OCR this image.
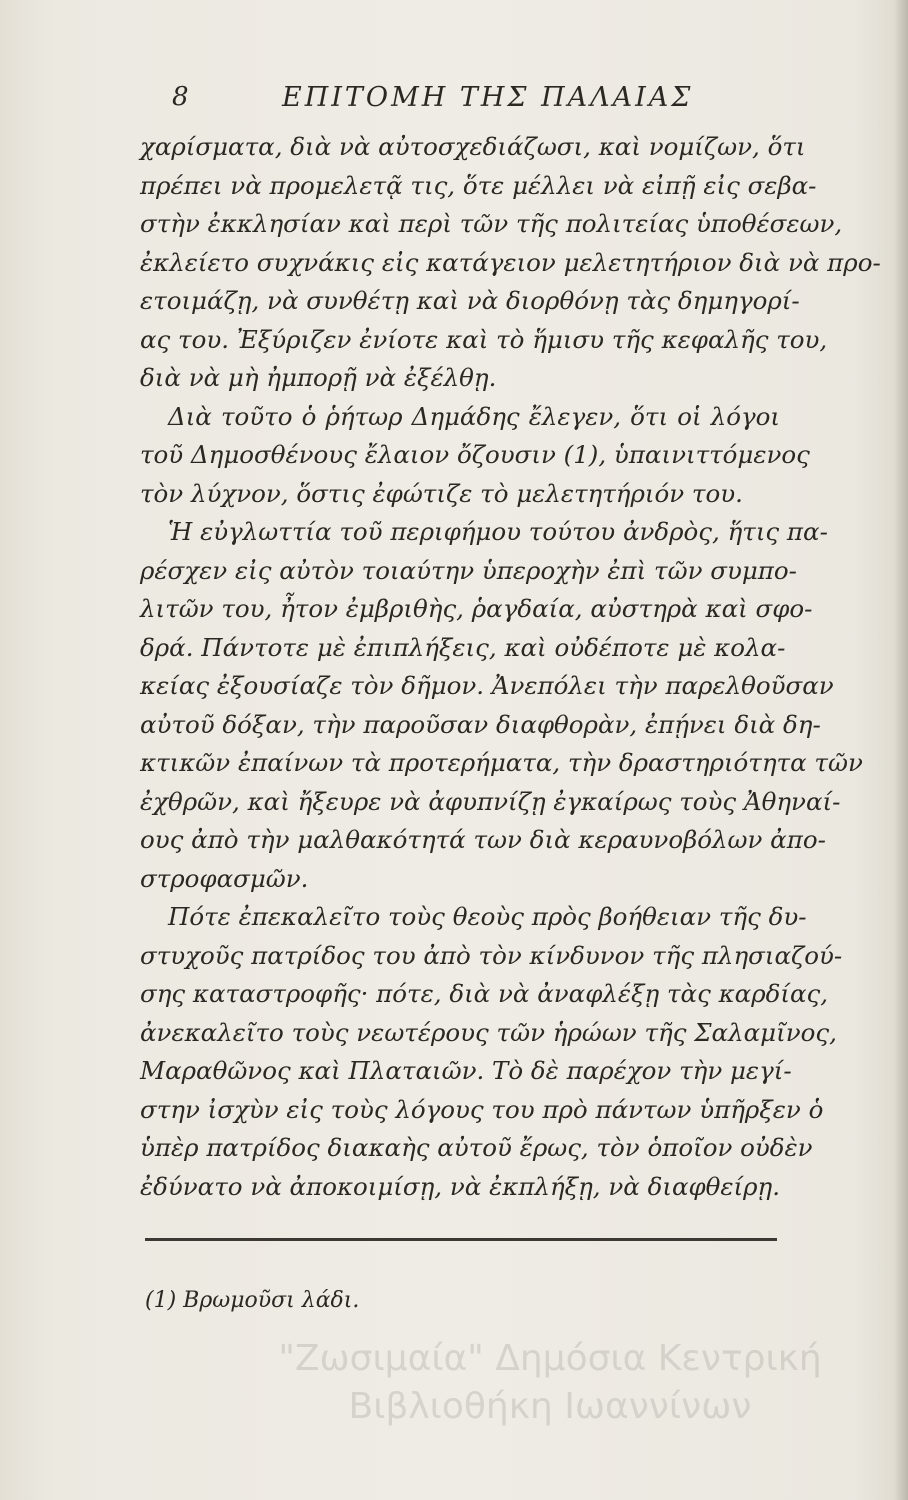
8	ΕΠΙΤΟΜΗ ΤΗΣ ΠΑΛΑΙΑΣ
χαρίσματα, διὰ νὰ αὐτοσχεδιάζωσι, καὶ νομίζων, ὅτι
πρέπει νὰ προμελετᾷ τις, ὅτε μέλλει νὰ εἰπῇ εἰς σεβα-
στὴν ἐκκλησίαν καὶ περὶ τῶν τῆς πολιτείας ὑποθέσεων,
ἐκλείετο συχνάκις εἰς κατάγειον μελετητήριον διὰ νὰ προ-
ετοιμάζῃ, νὰ συνθέτῃ καὶ νὰ διορθόνῃ τὰς δημηγορί-
ας του. Ἐξύριζεν ἐνίοτε καὶ τὸ ἥμισυ τῆς κεφαλῆς του,
διὰ νὰ μὴ ἠμπορῇ νὰ ἐξέλθῃ.
Διὰ τοῦτο ὁ ῥήτωρ Δημάδης ἔλεγεν, ὅτι οἱ λόγοι
τοῦ Δημοσθένους ἔλαιον ὄζουσιν (1), ὑπαινιττόμενος
τὸν λύχνον, ὅστις ἐφώτιζε τὸ μελετητήριόν του.
Ἡ εὐγλωττία τοῦ περιφήμου τούτου ἀνδρὸς, ἥτις πα-
ρέσχεν εἰς αὐτὸν τοιαύτην ὑπεροχὴν ἐπὶ τῶν συμπο-
λιτῶν του, ἦτον ἐμβριθὴς, ῥαγδαία, αὐστηρὰ καὶ σφο-
δρά. Πάντοτε μὲ ἐπιπλήξεις, καὶ οὐδέποτε μὲ κολα-
κείας ἐξουσίαζε τὸν δῆμον. Ἀνεπόλει τὴν παρελθοῦσαν
αὐτοῦ δόξαν, τὴν παροῦσαν διαφθορὰν, ἐπῄνει διὰ δη-
κτικῶν ἐπαίνων τὰ προτερήματα, τὴν δραστηριότητα τῶν
ἐχθρῶν, καὶ ἤξευρε νὰ ἀφυπνίζῃ ἐγκαίρως τοὺς Ἀθηναί-
ους ἀπὸ τὴν μαλθακότητά των διὰ κεραυνοβόλων ἀπο-
στροφασμῶν.
Πότε ἐπεκαλεῖτο τοὺς θεοὺς πρὸς βοήθειαν τῆς δυ-
στυχοῦς πατρίδος του ἀπὸ τὸν κίνδυνον τῆς πλησιαζού-
σης καταστροφῆς· πότε, διὰ νὰ ἀναφλέξῃ τὰς καρδίας,
ἀνεκαλεῖτο τοὺς νεωτέρους τῶν ἡρώων τῆς Σαλαμῖνος,
Μαραθῶνος καὶ Πλαταιῶν. Τὸ δὲ παρέχον τὴν μεγί-
στην ἰσχὺν εἰς τοὺς λόγους του πρὸ πάντων ὑπῆρξεν ὁ
ὑπὲρ πατρίδος διακαὴς αὐτοῦ ἔρως, τὸν ὁποῖον οὐδὲν
ἐδύνατο νὰ ἀποκοιμίσῃ, νὰ ἐκπλήξῃ, νὰ διαφθείρῃ.
(1) Βρωμοῦσι λάδι.
"Ζωσιμαία" Δημόσια Κεντρική
Βιβλιοθήκη Ιωαννίνων
